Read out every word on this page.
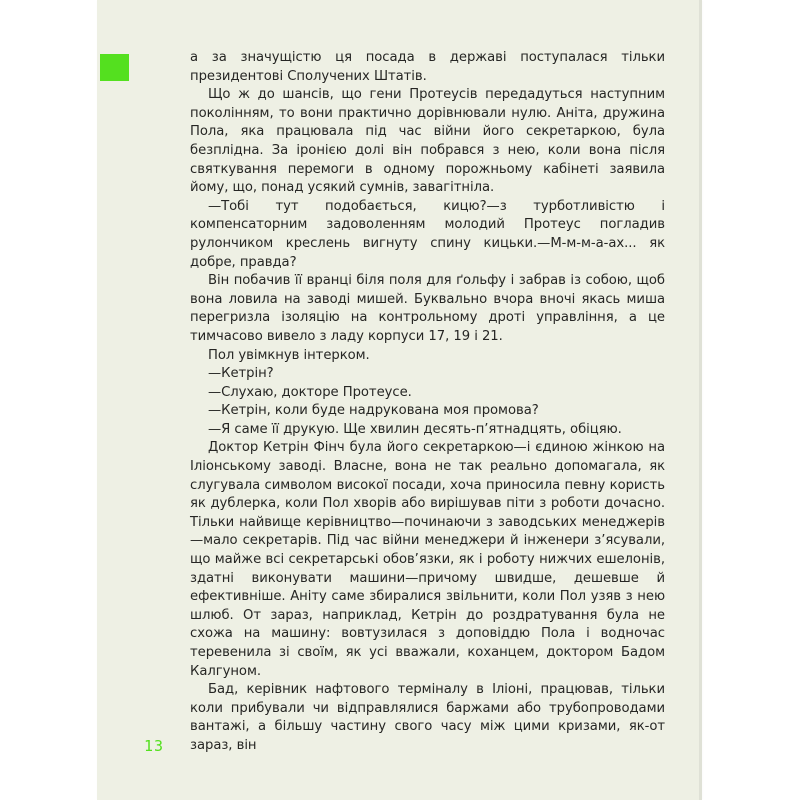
а за значущістю ця посада в державі поступалася тільки президентові Сполучених Штатів.

Що ж до шансів, що гени Протеусів передадуться наступним поколінням, то вони практично дорівнювали нулю. Аніта, дружина Пола, яка працювала під час війни його секретаркою, була безплідна. За іронією долі він побрався з нею, коли вона після святкування перемоги в одному порожньому кабінеті заявила йому, що, понад усякий сумнів, завагітніла.

—Тобі тут подобається, кицю?—з турботливістю і компенсаторним задоволенням молодий Протеус погладив рулончиком креслень вигнуту спину кицьки.—М-м-м-а-ах... як добре, правда?

Він побачив її вранці біля поля для ґольфу і забрав із собою, щоб вона ловила на заводі мишей. Буквально вчора вночі якась миша перегризла ізоляцію на контрольному дроті управління, а це тимчасово вивело з ладу корпуси 17, 19 і 21.

Пол увімкнув інтерком.

—Кетрін?

—Слухаю, докторе Протеусе.

—Кетрін, коли буде надрукована моя промова?

—Я саме її друкую. Ще хвилин десять-п’ятнадцять, обіцяю.

Доктор Кетрін Фінч була його секретаркою—і єдиною жінкою на Іліонському заводі. Власне, вона не так реально допомагала, як слугувала символом високої посади, хоча приносила певну користь як дублерка, коли Пол хворів або вирішував піти з роботи дочасно. Тільки найвище керівництво—починаючи з заводських менеджерів—мало секретарів. Під час війни менеджери й інженери з’ясували, що майже всі секретарські обов’язки, як і роботу нижчих ешелонів, здатні виконувати машини—причому швидше, дешевше й ефективніше. Аніту саме збиралися звільнити, коли Пол узяв з нею шлюб. От зараз, наприклад, Кетрін до роздратування була не схожа на машину: вовтузилася з доповіддю Пола і водночас теревенила зі своїм, як усі вважали, коханцем, доктором Бадом Калгуном.

Бад, керівник нафтового терміналу в Іліоні, працював, тільки коли прибували чи відправлялися баржами або трубопроводами вантажі, а більшу частину свого часу між цими кризами, як-от зараз, він

13
